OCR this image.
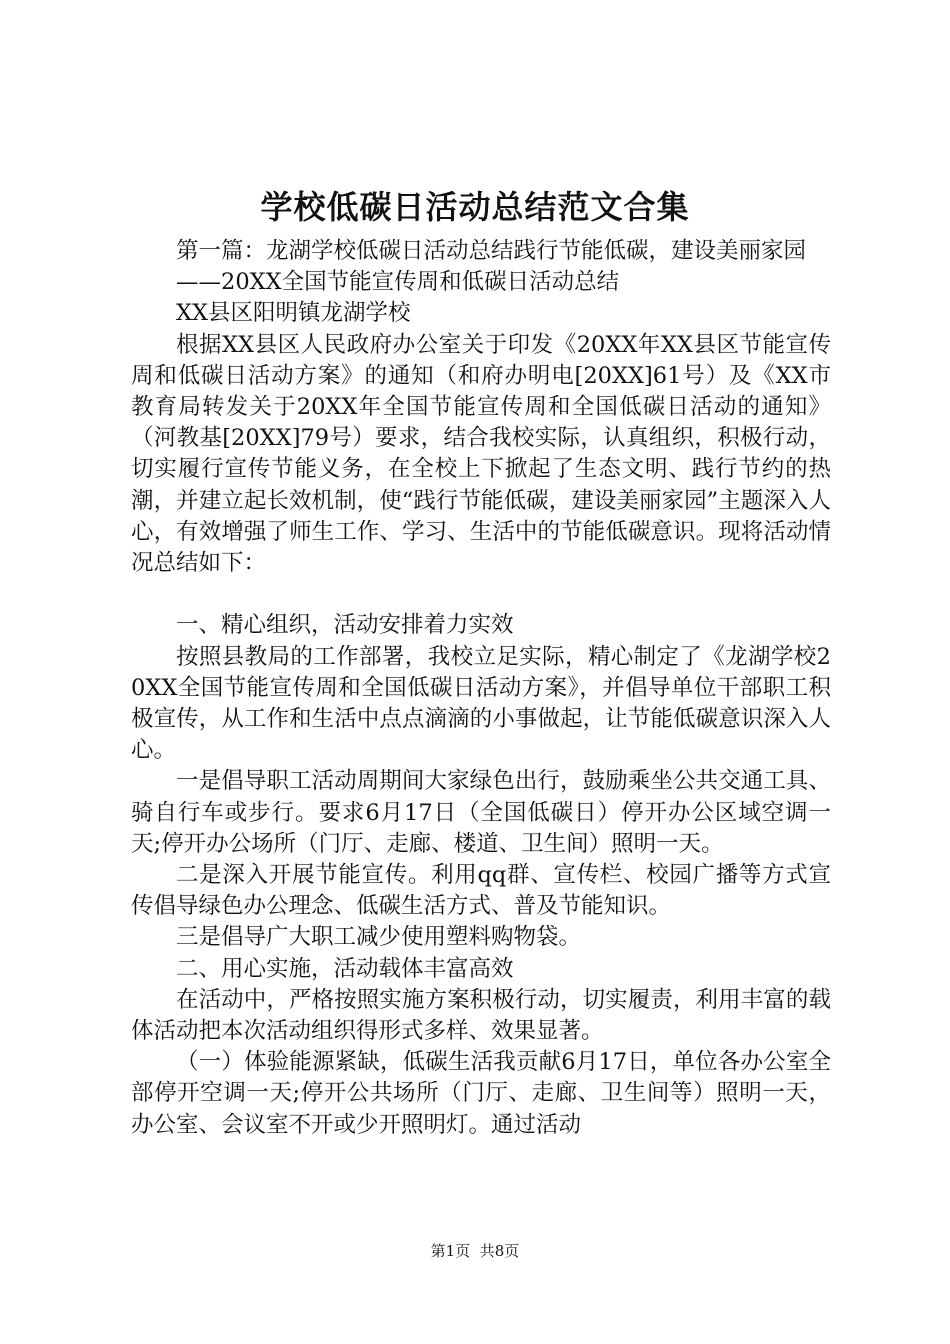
学校低碳日活动总结范文合集

第一篇：龙湖学校低碳日活动总结践行节能低碳，建设美丽家园

——20XX全国节能宣传周和低碳日活动总结

XX县区阳明镇龙湖学校

根据XX县区人民政府办公室关于印发《20XX年XX县区节能宣传周和低碳日活动方案》的通知（和府办明电[20XX]61号）及《XX市教育局转发关于20XX年全国节能宣传周和全国低碳日活动的通知》（河教基[20XX]79号）要求，结合我校实际，认真组织，积极行动，切实履行宣传节能义务，在全校上下掀起了生态文明、践行节约的热潮，并建立起长效机制，使“践行节能低碳，建设美丽家园”主题深入人心，有效增强了师生工作、学习、生活中的节能低碳意识。现将活动情况总结如下：

一、精心组织，活动安排着力实效

按照县教局的工作部署，我校立足实际，精心制定了《龙湖学校20XX全国节能宣传周和全国低碳日活动方案》，并倡导单位干部职工积极宣传，从工作和生活中点点滴滴的小事做起，让节能低碳意识深入人心。

一是倡导职工活动周期间大家绿色出行，鼓励乘坐公共交通工具、骑自行车或步行。要求6月17日（全国低碳日）停开办公区域空调一天;停开办公场所（门厅、走廊、楼道、卫生间）照明一天。

二是深入开展节能宣传。利用qq群、宣传栏、校园广播等方式宣传倡导绿色办公理念、低碳生活方式、普及节能知识。

三是倡导广大职工减少使用塑料购物袋。

二、用心实施，活动载体丰富高效

在活动中，严格按照实施方案积极行动，切实履责，利用丰富的载体活动把本次活动组织得形式多样、效果显著。

（一）体验能源紧缺，低碳生活我贡献6月17日，单位各办公室全部停开空调一天;停开公共场所（门厅、走廊、卫生间等）照明一天，办公室、会议室不开或少开照明灯。通过活动

第1页 共8页
